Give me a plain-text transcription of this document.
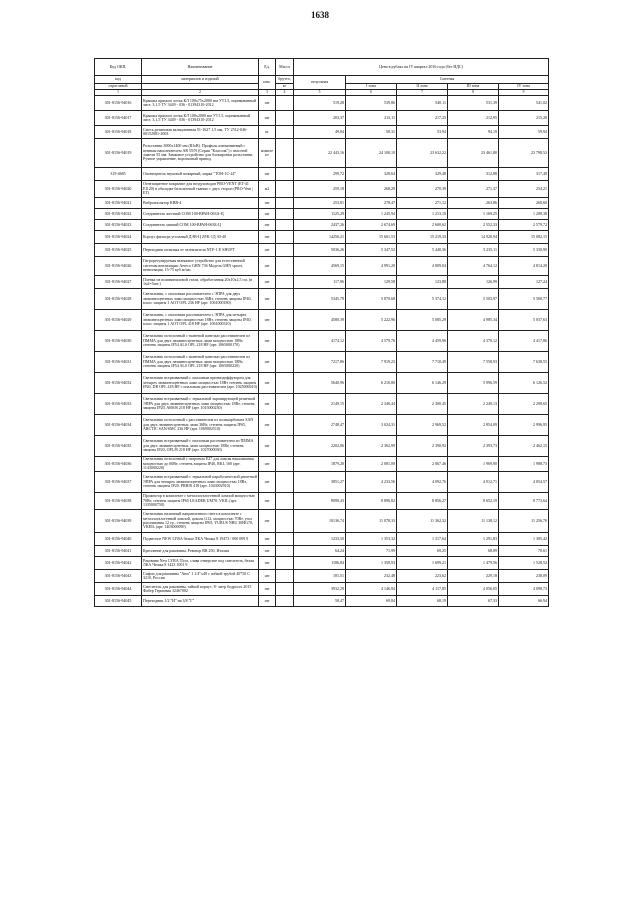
1638
Код ОКП,	Наименование	Ед.	Масса	Цена в рублях на IV квартал 2016 года (без НДС)				
код	материалов и изделий	изм.	брутто,	отпускная	Сметная			
отраслевой			кг		I зона	II зона	III зона	IV зона
1	2	3	4	5	6	7	8	9
301-8156-94016	Крышка прямого лотка КЛ 100х75х2000 мм УТ1.5, оцинкованный лист, 3,1,5 ТУ 3449 - 036 - 01394310-2012	шт		519,28	539,86	540,11	531,39	541,02
301-8156-94017	Крышка прямого лотка КЛ 100х2000 мм УТ1.5, оцинкованный лист, 3,1,5 ТУ 3449 - 036 - 01394310-2012	шт		203,37	213,11	217,25	212,95	215,20
301-8156-94018	Смесь резиновая вальцованная 51-1627 1,5 мм, ТУ 2512-046-00152081-2003	кг		49,84	58,31	53,94	94,19	59,94
301-8156-94019	Рольставни 3000х1400 мм (ШхВ). Профиль алюминиевый с пенным наполнителем AR 55/N (Серия "Классик") с высотой ламели 55 мм. Замковое устройство для блокировки рольставни. Ручное управление, воротковый привод.	компле кт		22 443,16	24 100,10	23 632,22	23 461,80	23 798,52
319-4685	Оповещатель звуковой пожарный, марка "ТОН-1С-24"	шт		299,72	328,64	329,48	312,88	317,49
301-8156-94020	Огнезащитное покрытие для воздуховодов PRO-VENT (ET-41 EI120) в обкладке базальтовой тканью с двух сторон (PRO-Vent | ET)	м2		259,18	268,29	270,39	271,37	254,21
301-8156-94021	Виброизолятор КВВ-4	шт		253,81	278,47	271,12	263,86	268,60
301-8156-94022	Соединитель жесткий СОМ 100-ВРАН-063А-Ц	шт		1125,29	1 245,94	1 213,10	1 169,25	1 208,38
301-8156-94023	Соединитель мягкий СОМ 100-ВРАН-063Б-Ц	шт		2437,26	2 674,69	2 600,62	2 552,33	2 579,72
301-8156-94024	Корпус фильтра угольный ДЭВ-Ц ZFK-1Д 30-40	шт		14256,21	15 661,53	15 219,33	14 920,94	15 082,15
301-8156-94025	Переходник шпилька от заземлителя NTF-1 Р, SHUFT	шт		5036,26	5 347,52	5 440,36	5 235,11	5 330,90
301-8156-94026	Гигрорегулируемая вытяжное устройство для естественной системы вентиляции Aereco GHN 736 Модель GHN sproet, вентиляция, 15-75 куб.м/час	шт		4569,15	4 991,20	4 809,04	4 764,12	4 814,20
301-8156-94027	Пленка из поливиниловой стали, обработанная 20х10х2,5 см. (в 1м2=5шт.)	шт		117,96	129,58	123,88	126,99	127,24
301-8156-94028	Светильник, с опаловым рассеивателем с ЭПРА для двух люминесцентных ламп мощностью 36Вт, степень защиты IP40, класс защиты 1 AOT OPL 236 HF (арт. 1061000180)	шт		5345,78	5 870,68	5 374,12	5 503,97	5 500,77
301-8156-94029	Светильник, с опаловым рассеивателем с ЭПРА для четырех люминесцентных ламп мощностью 18Вт, степень защиты IP40, класс защиты 1 AOT OPL 418 HF (арт. 1061000310)	шт		4580,39	5 222,96	5 085,29	4 985,34	5 037,63
301-8156-94030	Светильник потолочный с тканевой панелью рассеивателем из ПММА для двух люминесцентных ламп мощностью 18Вт, степень защиты IP54 ALS OPL 218 HF (арт. 1065000170)	шт		4174,12	4 579,76	4 459,96	4 370,12	4 417,86
301-8156-94031	Светильник потолочный с тканевой панелью рассеивателем из ПММА для двух люминесцентных ламп мощностью 18Вт, степень защиты IP54 ALS OPL 218 HF (арт. 1065000220)	шт		7217,86	7 919,23	7 710,49	7 558,93	7 638,55
301-8156-94032	Светильник встраиваемый с опаловым призмодиффузором для четырех люминесцентных ламп мощностью 18Вт степень защиты IP20, DR OPL 418 HF с опаловым рассеивателем (арт. 1025000410)	шт		5640,96	6 210,80	6 146,29	5 996,59	6 126,52
301-8156-94033	Светильник встраиваемый с зеркальной экранирующей решеткой ЭПРА для двух люминесцентных ламп мощностью 18Вт, степень защиты IP20, ARS/R 218 HF (арт. 1015000230)	шт		2149,15	2 346,44	2 300,45	2 249,13	2 298,65
301-8156-94034	Светильник потолочный с рассеивателем из поликарбоната SAN для двух люминесцентных ламп 36Вт, степень защиты IP65, ARCTIC SAN/SMC 236 HF (арт. 1069002510)	шт		2748,47	3 024,31	2 969,52	2 854,09	2 996,95
301-8156-94035	Светильник встраиваемый с опаловым рассеивателем из ПММА для двух люминесцентных ламп мощностью 18Вт, степень защиты IP20, OPL/R 218 HF (арт. 1027000030)	шт		2202,06	2 362,99	2 390,92	2 393,73	2 462,15
301-8156-94036	Светильник потолочный с патроном Е27 для лампы накаливания мощностью до 60Вт, степень защиты IP40, RKL 160 (арт. 1143000220)	шт		1879,20	2 081,00	2 067,46	1 969,90	1 988,73
301-8156-94037	Светильник встраиваемый с зеркальной параболической решеткой ЭПРА для четырех люминесцентных ламп мощностью 18Вт, степень защиты IP20, PRB/R 418 (арт. 1043002910)	шт		3851,27	4 233,56	4 092,76	4 012,71	4 054,57
301-8156-94038	Прожектор в комплекте с металлогалогенной лампой мощностью 70Вт, степень защиты IP65 LEADER UM70, VKIL (арт. 1335000750)	шт		8090,43	8 896,82	8 856,27	8 652,19	8 773,64
301-8156-94039	Светильник наличный направленного света в комплекте с металлогалогенной лампой, цоколь G12, мощностью 70Вт, угол рассеивания 12 гр., степень защиты IP65, YURUS NBU 30HG70, VKEIL (арт. 1403000090)	шт		10136,74	11 078,33	11 362,32	11 138,12	11 256,70
301-8156-94040	Подвесное NEW LYRA белые ЛКА Чешка 8 19473 / 000 009 9	шт		1233,50	1 353,32	1 317,64	1 291,83	1 305,42
301-8156-94041	Крепление для раковины, Ревизор RR 250, Италия	шт		64,24	71,99	69,25	68,89	70,61
301-8156-94042	Раковина New LYRA 55см, слива отверстие под смеситель, белая ЛКА Чешка 8 1423 1001 9	шт		1186,84	1 358,93	1 699,21	1 479,56	1 528,52
301-8156-94043	Сифон для раковины "Ани" 1 1/4"х40 с гибкой трубой 40*50 С 3210, Россия	шт		181,51	232,48	223,62	229,18	238,09
301-8156-94044	Смеситель для раковины, гайкой корпус, 8- литр бодрость 2015 Фабер Германия 32467002	шт		3932,29	4 146,94	4 117,85	4 056,05	4 098,73
301-8156-94045	Переходник 1/2 "Н" на 3/8 "Г"	шт		58,47	69,84	68,19	67,33	66,94
